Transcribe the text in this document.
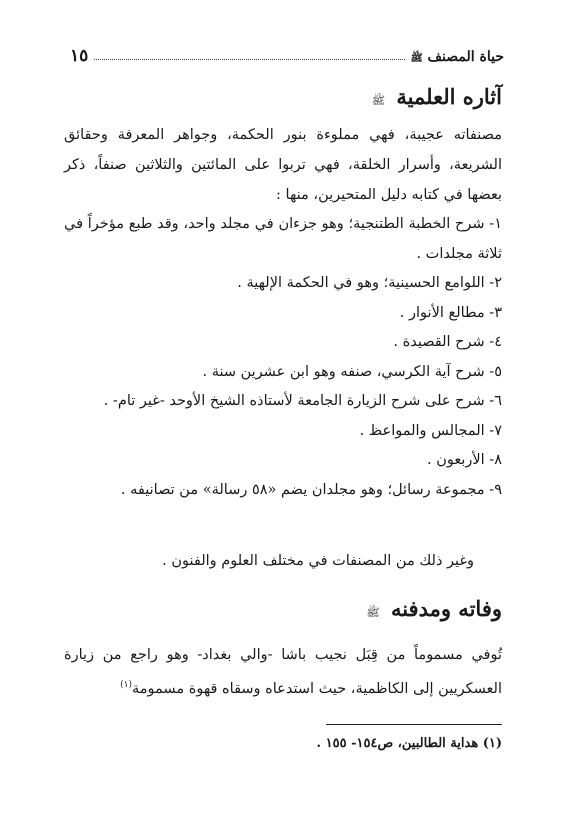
حياة المصنف ﷺ
١٥
آثاره العلمية ﷺ
مصنفاته عجيبة، فهي مملوءة بنور الحكمة، وجواهر المعرفة وحقائق الشريعة، وأسرار الخلقة، فهي تربوا على المائتين والثلاثين صنفاً، ذكر بعضها في كتابه دليل المتحيرين، منها :
١- شرح الخطبة الطتنجية؛ وهو جزءان في مجلد واحد، وقد طبع مؤخراً في ثلاثة مجلدات .
٢- اللوامع الحسينية؛ وهو في الحكمة الإلهية .
٣- مطالع الأنوار .
٤- شرح القصيدة .
٥- شرح آية الكرسي، صنفه وهو ابن عشرين سنة .
٦- شرح على شرح الزيارة الجامعة لأستاذه الشيخ الأوحد -غير تام- .
٧- المجالس والمواعظ .
٨- الأربعون .
٩- مجموعة رسائل؛ وهو مجلدان يضم «٥٨ رسالة» من تصانيفه .
وغير ذلك من المصنفات في مختلف العلوم والفنون .
وفاته ومدفنه ﷺ
تُوفي مسموماً من قِبَل نجيب باشا -والي بغداد- وهو راجع من زيارة العسكريين إلى الكاظمية، حيث استدعاه وسقاه قهوة مسمومة$^{(١)}$
(١) هداية الطالبين، ص١٥٤- ١٥٥ .
